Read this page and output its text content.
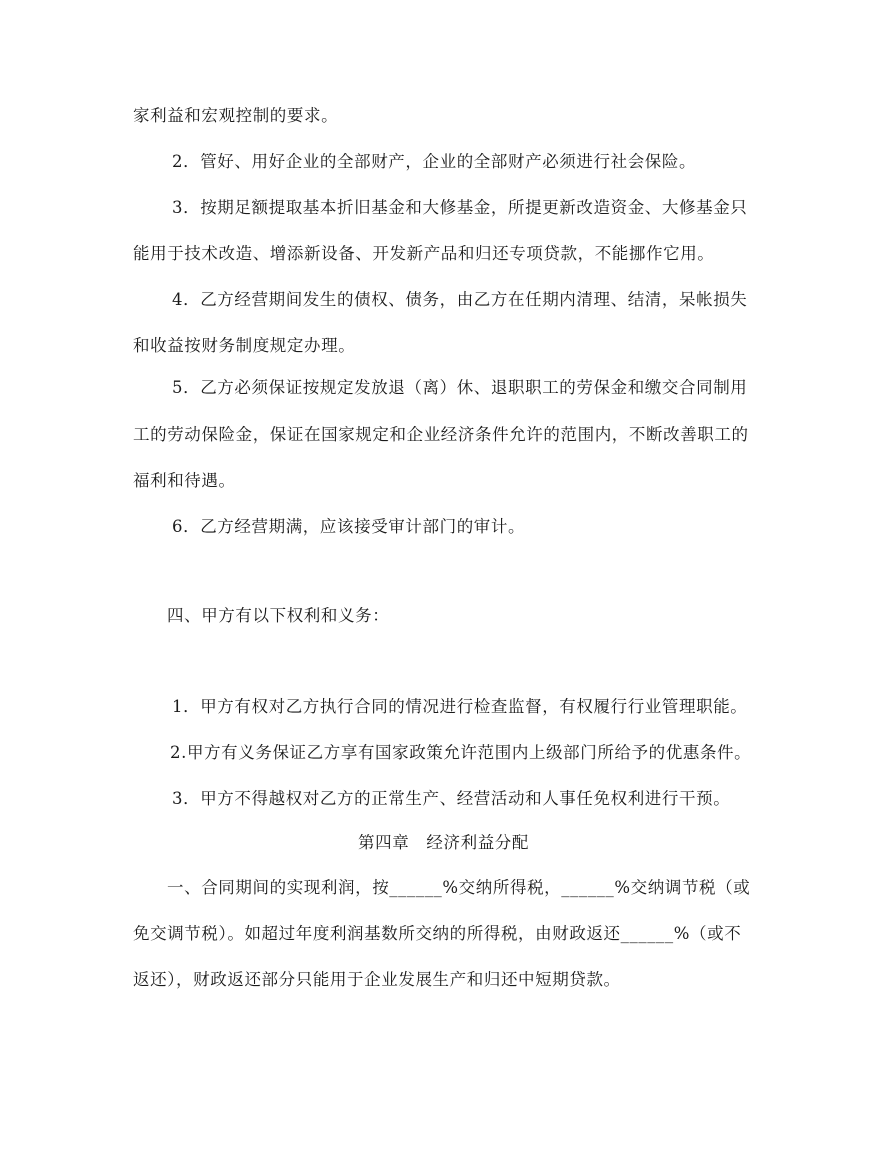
家利益和宏观控制的要求。
2．管好、用好企业的全部财产，企业的全部财产必须进行社会保险。
3．按期足额提取基本折旧基金和大修基金，所提更新改造资金、大修基金只
能用于技术改造、增添新设备、开发新产品和归还专项贷款，不能挪作它用。
4．乙方经营期间发生的债权、债务，由乙方在任期内清理、结清，呆帐损失
和收益按财务制度规定办理。
5．乙方必须保证按规定发放退（离）休、退职职工的劳保金和缴交合同制用
工的劳动保险金，保证在国家规定和企业经济条件允许的范围内，不断改善职工的
福利和待遇。
6．乙方经营期满，应该接受审计部门的审计。
四、甲方有以下权利和义务：
1．甲方有权对乙方执行合同的情况进行检查监督，有权履行行业管理职能。
2.甲方有义务保证乙方享有国家政策允许范围内上级部门所给予的优惠条件。
3．甲方不得越权对乙方的正常生产、经营活动和人事任免权利进行干预。
第四章　经济利益分配
一、合同期间的实现利润，按______%交纳所得税，______%交纳调节税（或
免交调节税）。如超过年度利润基数所交纳的所得税，由财政返还______%（或不
返还），财政返还部分只能用于企业发展生产和归还中短期贷款。
